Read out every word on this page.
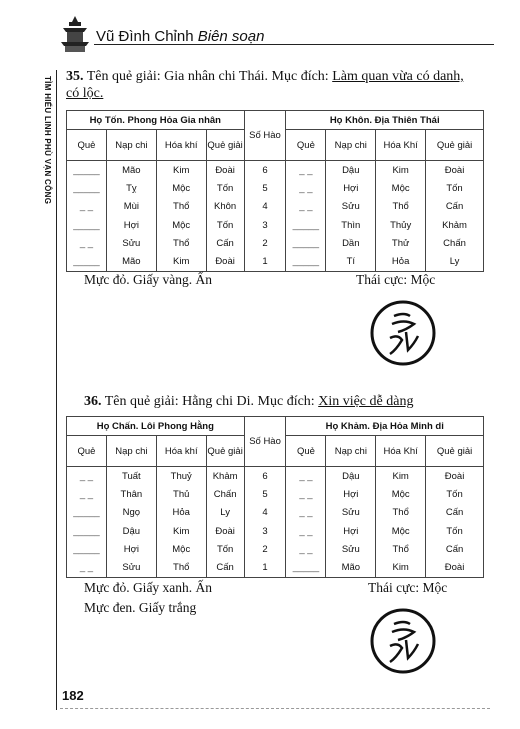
Vũ Đình Chỉnh Biên soạn
TÌM HIỂU LINH PHÙ VẠN CÔNG 35. Tên quẻ giải: Gia nhân chi Thái. Mục đích: Làm quan vừa có danh, có lộc.
Họ Tốn. Phong Hỏa Gia nhân				Số Hào	Họ Khôn. Địa Thiên Thái			
Quẻ	Nạp chi	Hóa khí	Quẻ giải		Quẻ	Nạp chi	Hóa Khí	Quẻ giải
_____	Mão	Kim	Đoài	6	_ _	Dậu	Kim	Đoài
_____	Tỵ	Mộc	Tốn	5	_ _	Hợi	Mộc	Tốn
_ _	Mùi	Thổ	Khôn	4	_ _	Sửu	Thổ	Cấn
_____	Hợi	Mộc	Tốn	3	_____	Thìn	Thủy	Khảm
_ _	Sửu	Thổ	Cấn	2	_____	Dần	Thử	Chấn
_____	Mão	Kim	Đoài	1	_____	Tí	Hỏa	Ly
Mực đỏ. Giấy vàng. Ấn	Thái cực: Mộc
36. Tên quẻ giải: Hằng chi Di. Mục đích: Xin việc dễ dàng
Họ Chấn. Lôi Phong Hằng				Số Hào	Họ Khảm. Địa Hỏa Minh di			
Quẻ	Nạp chi	Hóa khí	Quẻ giải		Quẻ	Nạp chi	Hóa Khí	Quẻ giải
_ _	Tuất	Thuỷ	Khảm	6	_ _	Dậu	Kim	Đoài
_ _	Thân	Thủ	Chấn	5	_ _	Hợi	Mộc	Tốn
_____	Ngọ	Hỏa	Ly	4	_ _	Sửu	Thổ	Cấn
_____	Dậu	Kim	Đoài	3	_ _	Hợi	Mộc	Tốn
_____	Hợi	Mộc	Tốn	2	_ _	Sửu	Thổ	Cấn
_ _	Sửu	Thổ	Cấn	1	_____	Mão	Kim	Đoài
Mực đỏ. Giấy xanh. Ấn
Mực đen. Giấy trắng
Thái cực: Mộc
182
